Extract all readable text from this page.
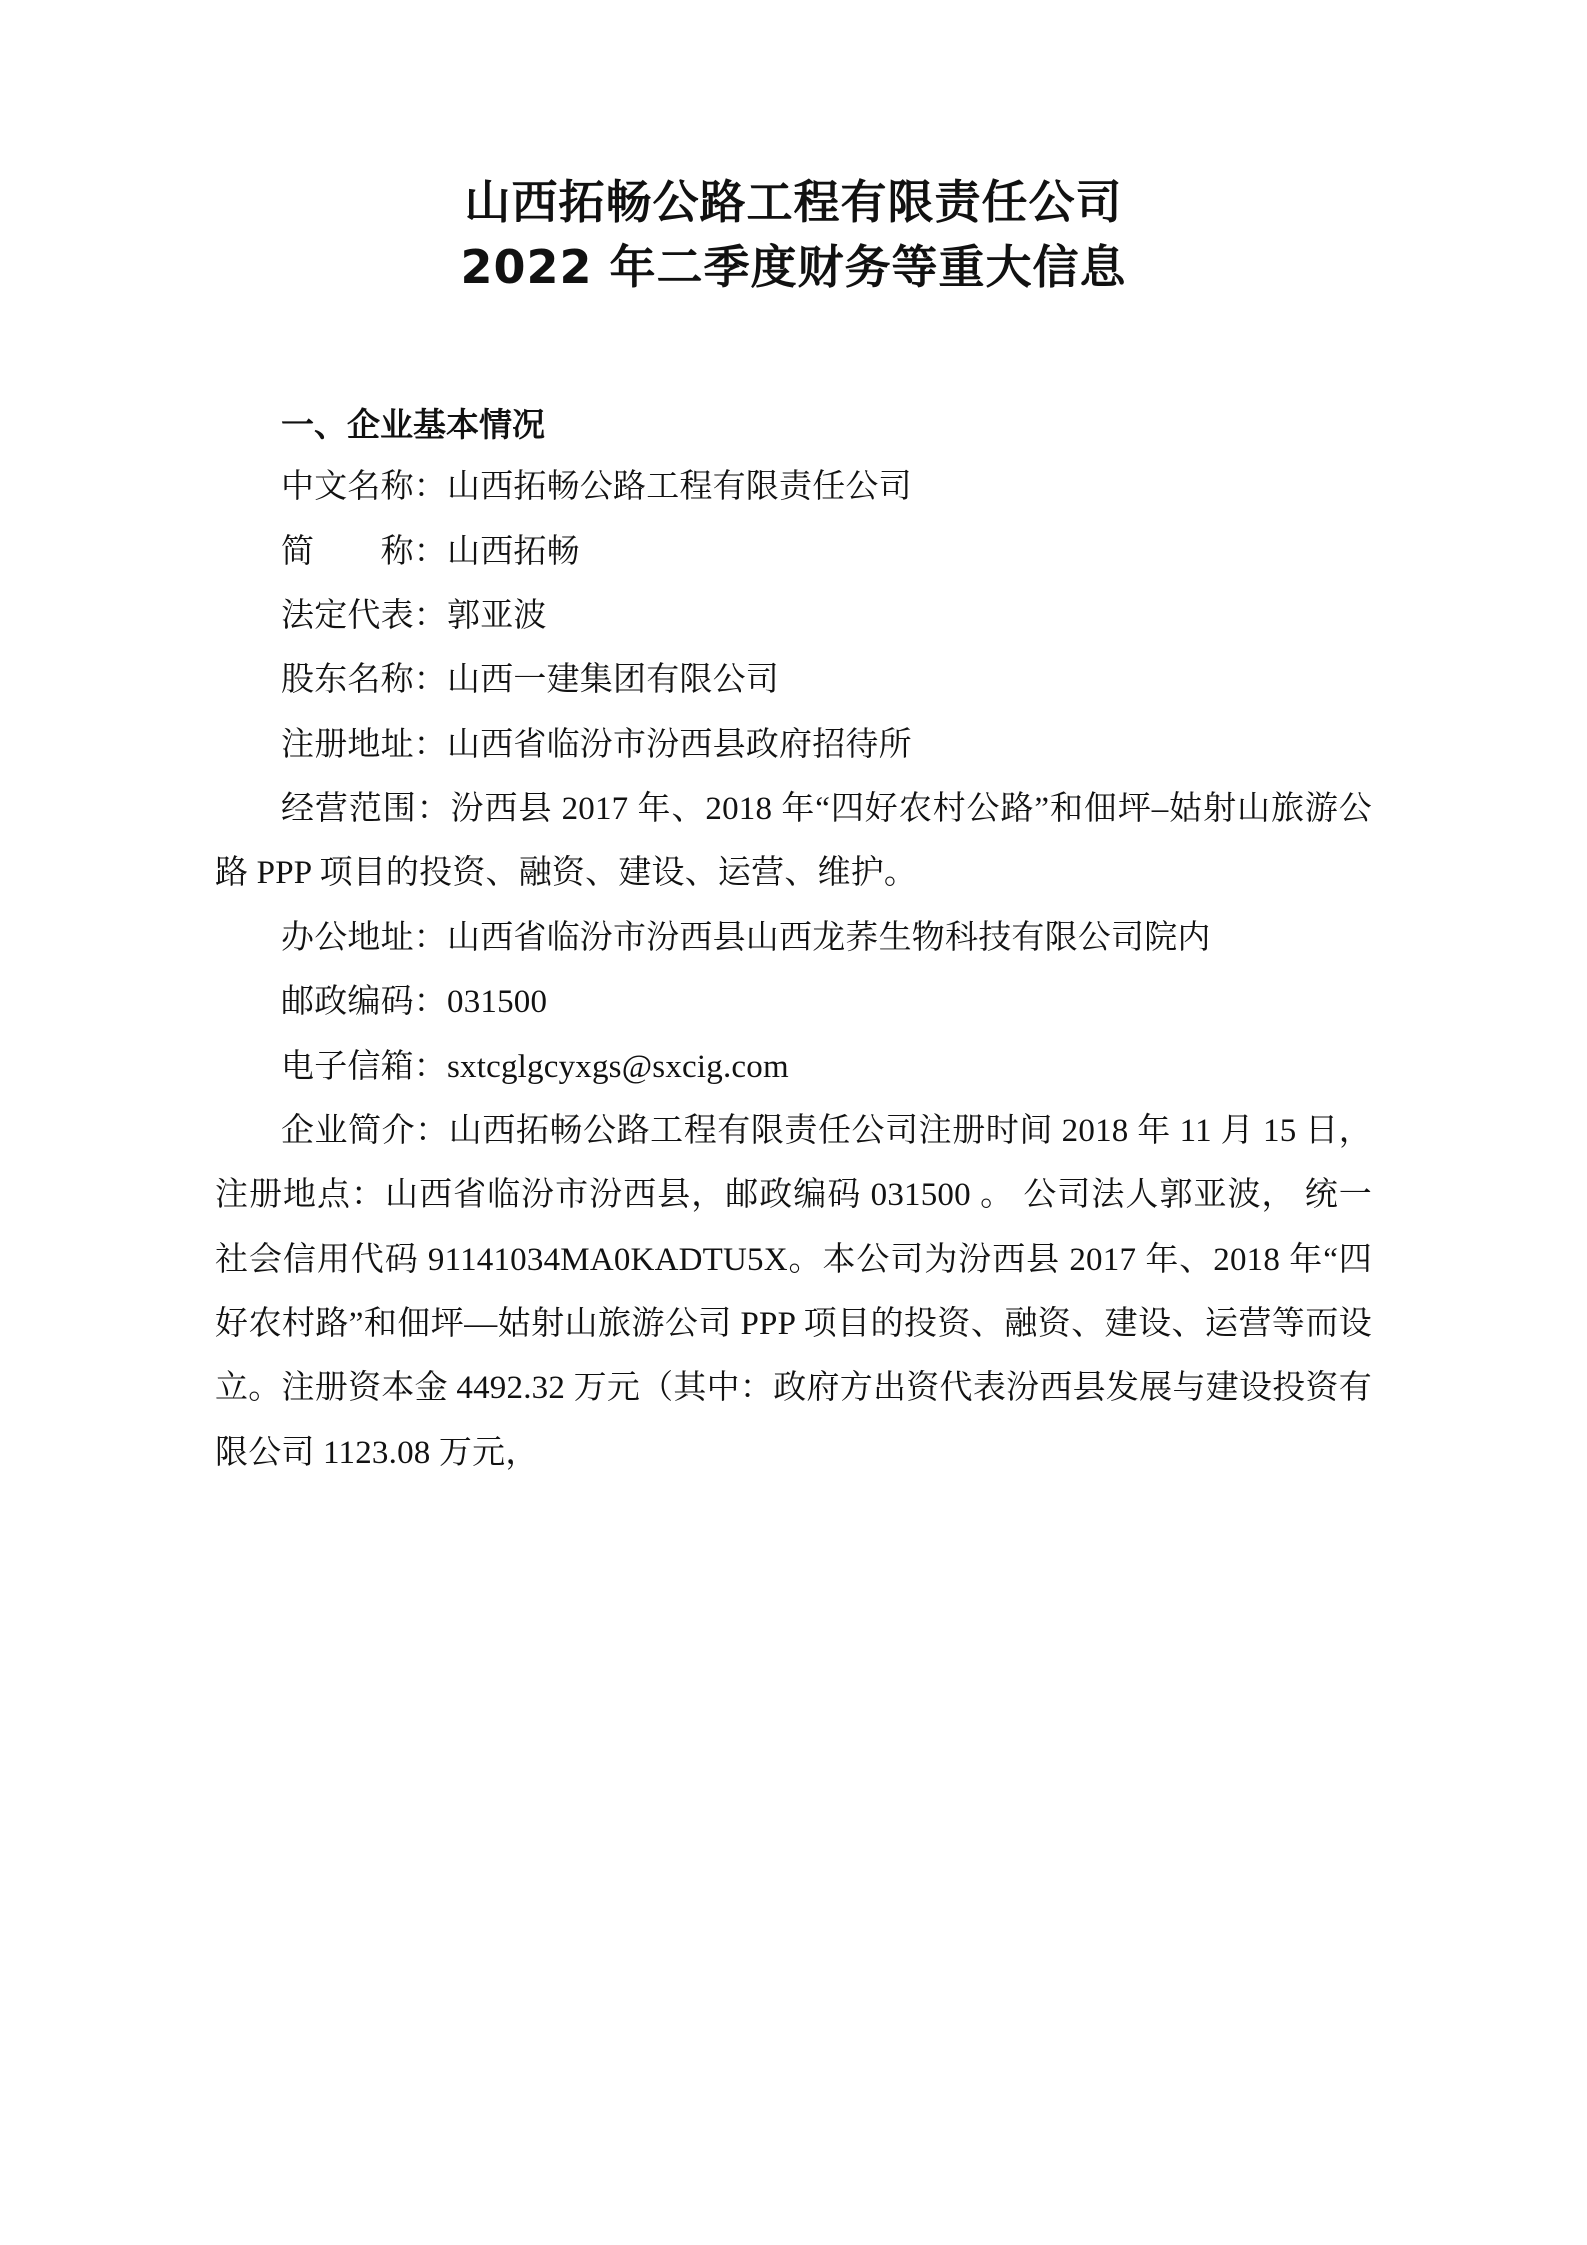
山西拓畅公路工程有限责任公司
2022 年二季度财务等重大信息
一、企业基本情况

中文名称：山西拓畅公路工程有限责任公司

简　　称：山西拓畅

法定代表：郭亚波

股东名称：山西一建集团有限公司

注册地址：山西省临汾市汾西县政府招待所

经营范围：汾西县 2017 年、2018 年“四好农村公路”和佃坪–姑射山旅游公路 PPP 项目的投资、融资、建设、运营、维护。

办公地址：山西省临汾市汾西县山西龙荞生物科技有限公司院内

邮政编码：031500

电子信箱：sxtcglgcyxgs@sxcig.com

企业简介：山西拓畅公路工程有限责任公司注册时间 2018 年 11 月 15 日，注册地点：山西省临汾市汾西县，邮政编码 031500 。 公司法人郭亚波， 统一社会信用代码 91141034MA0KADTU5X。本公司为汾西县 2017 年、2018 年“四好农村路”和佃坪—姑射山旅游公司 PPP 项目的投资、融资、建设、运营等而设立。注册资本金 4492.32 万元（其中：政府方出资代表汾西县发展与建设投资有限公司 1123.08 万元，
